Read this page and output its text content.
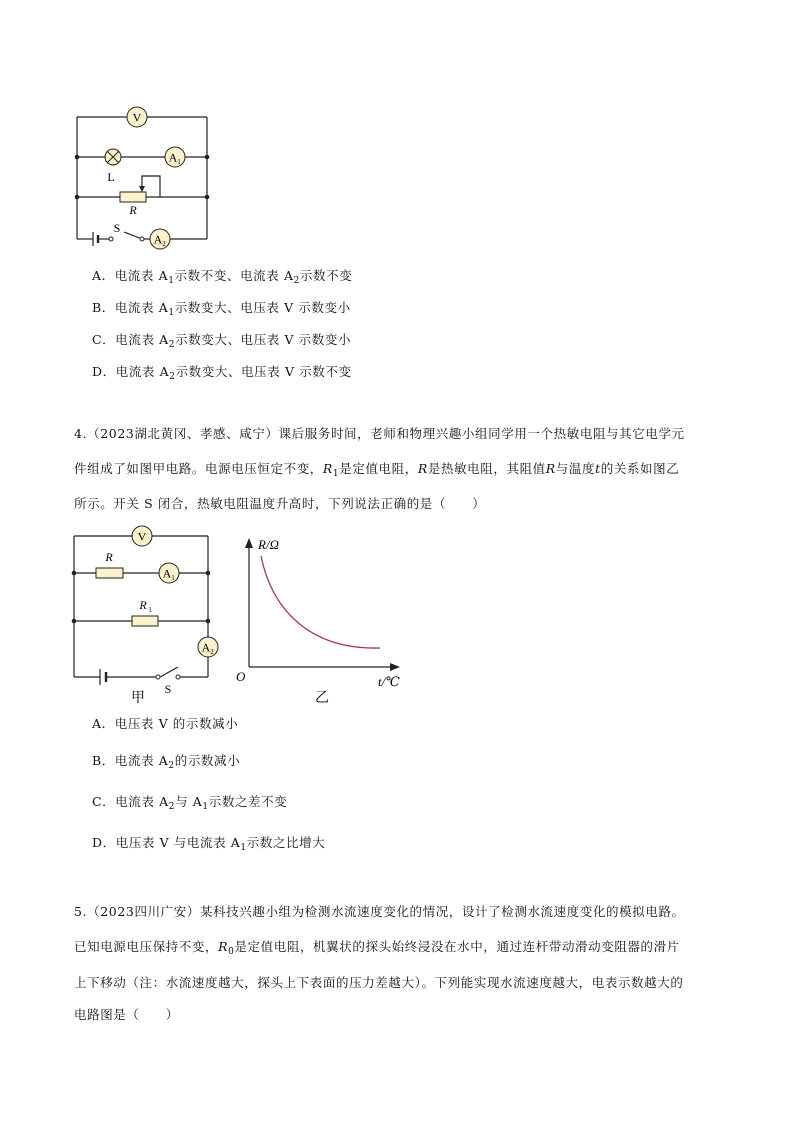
V
L
A 1
R
S
A 2
A．电流表 $A_1$示数不变、电流表 $A_2$示数不变
B．电流表 $A_1$示数变大、电压表 V 示数变小
C．电流表 $A_2$示数变大、电压表 V 示数变小
D．电流表 $A_2$示数变大、电压表 V 示数不变
4.（2023湖北黄冈、孝感、咸宁）课后服务时间，老师和物理兴趣小组同学用一个热敏电阻与其它电学元
件组成了如图甲电路。电源电压恒定不变，$R_1$是定值电阻，R是热敏电阻，其阻值R与温度t的关系如图乙
所示。开关 S 闭合，热敏电阻温度升高时，下列说法正确的是（　　）
V
R
A 1
R 1
A 2
S
甲
R/Ω
O	t/℃
乙
A．电压表 V 的示数减小
B．电流表 $A_2$的示数减小
C．电流表 $A_2$与 $A_1$示数之差不变
D．电压表 V 与电流表 $A_1$示数之比增大
5.（2023四川广安）某科技兴趣小组为检测水流速度变化的情况，设计了检测水流速度变化的模拟电路。
已知电源电压保持不变，$R_0$是定值电阻，机翼状的探头始终浸没在水中，通过连杆带动滑动变阻器的滑片
上下移动（注：水流速度越大，探头上下表面的压力差越大）。下列能实现水流速度越大，电表示数越大的
电路图是（　　）
